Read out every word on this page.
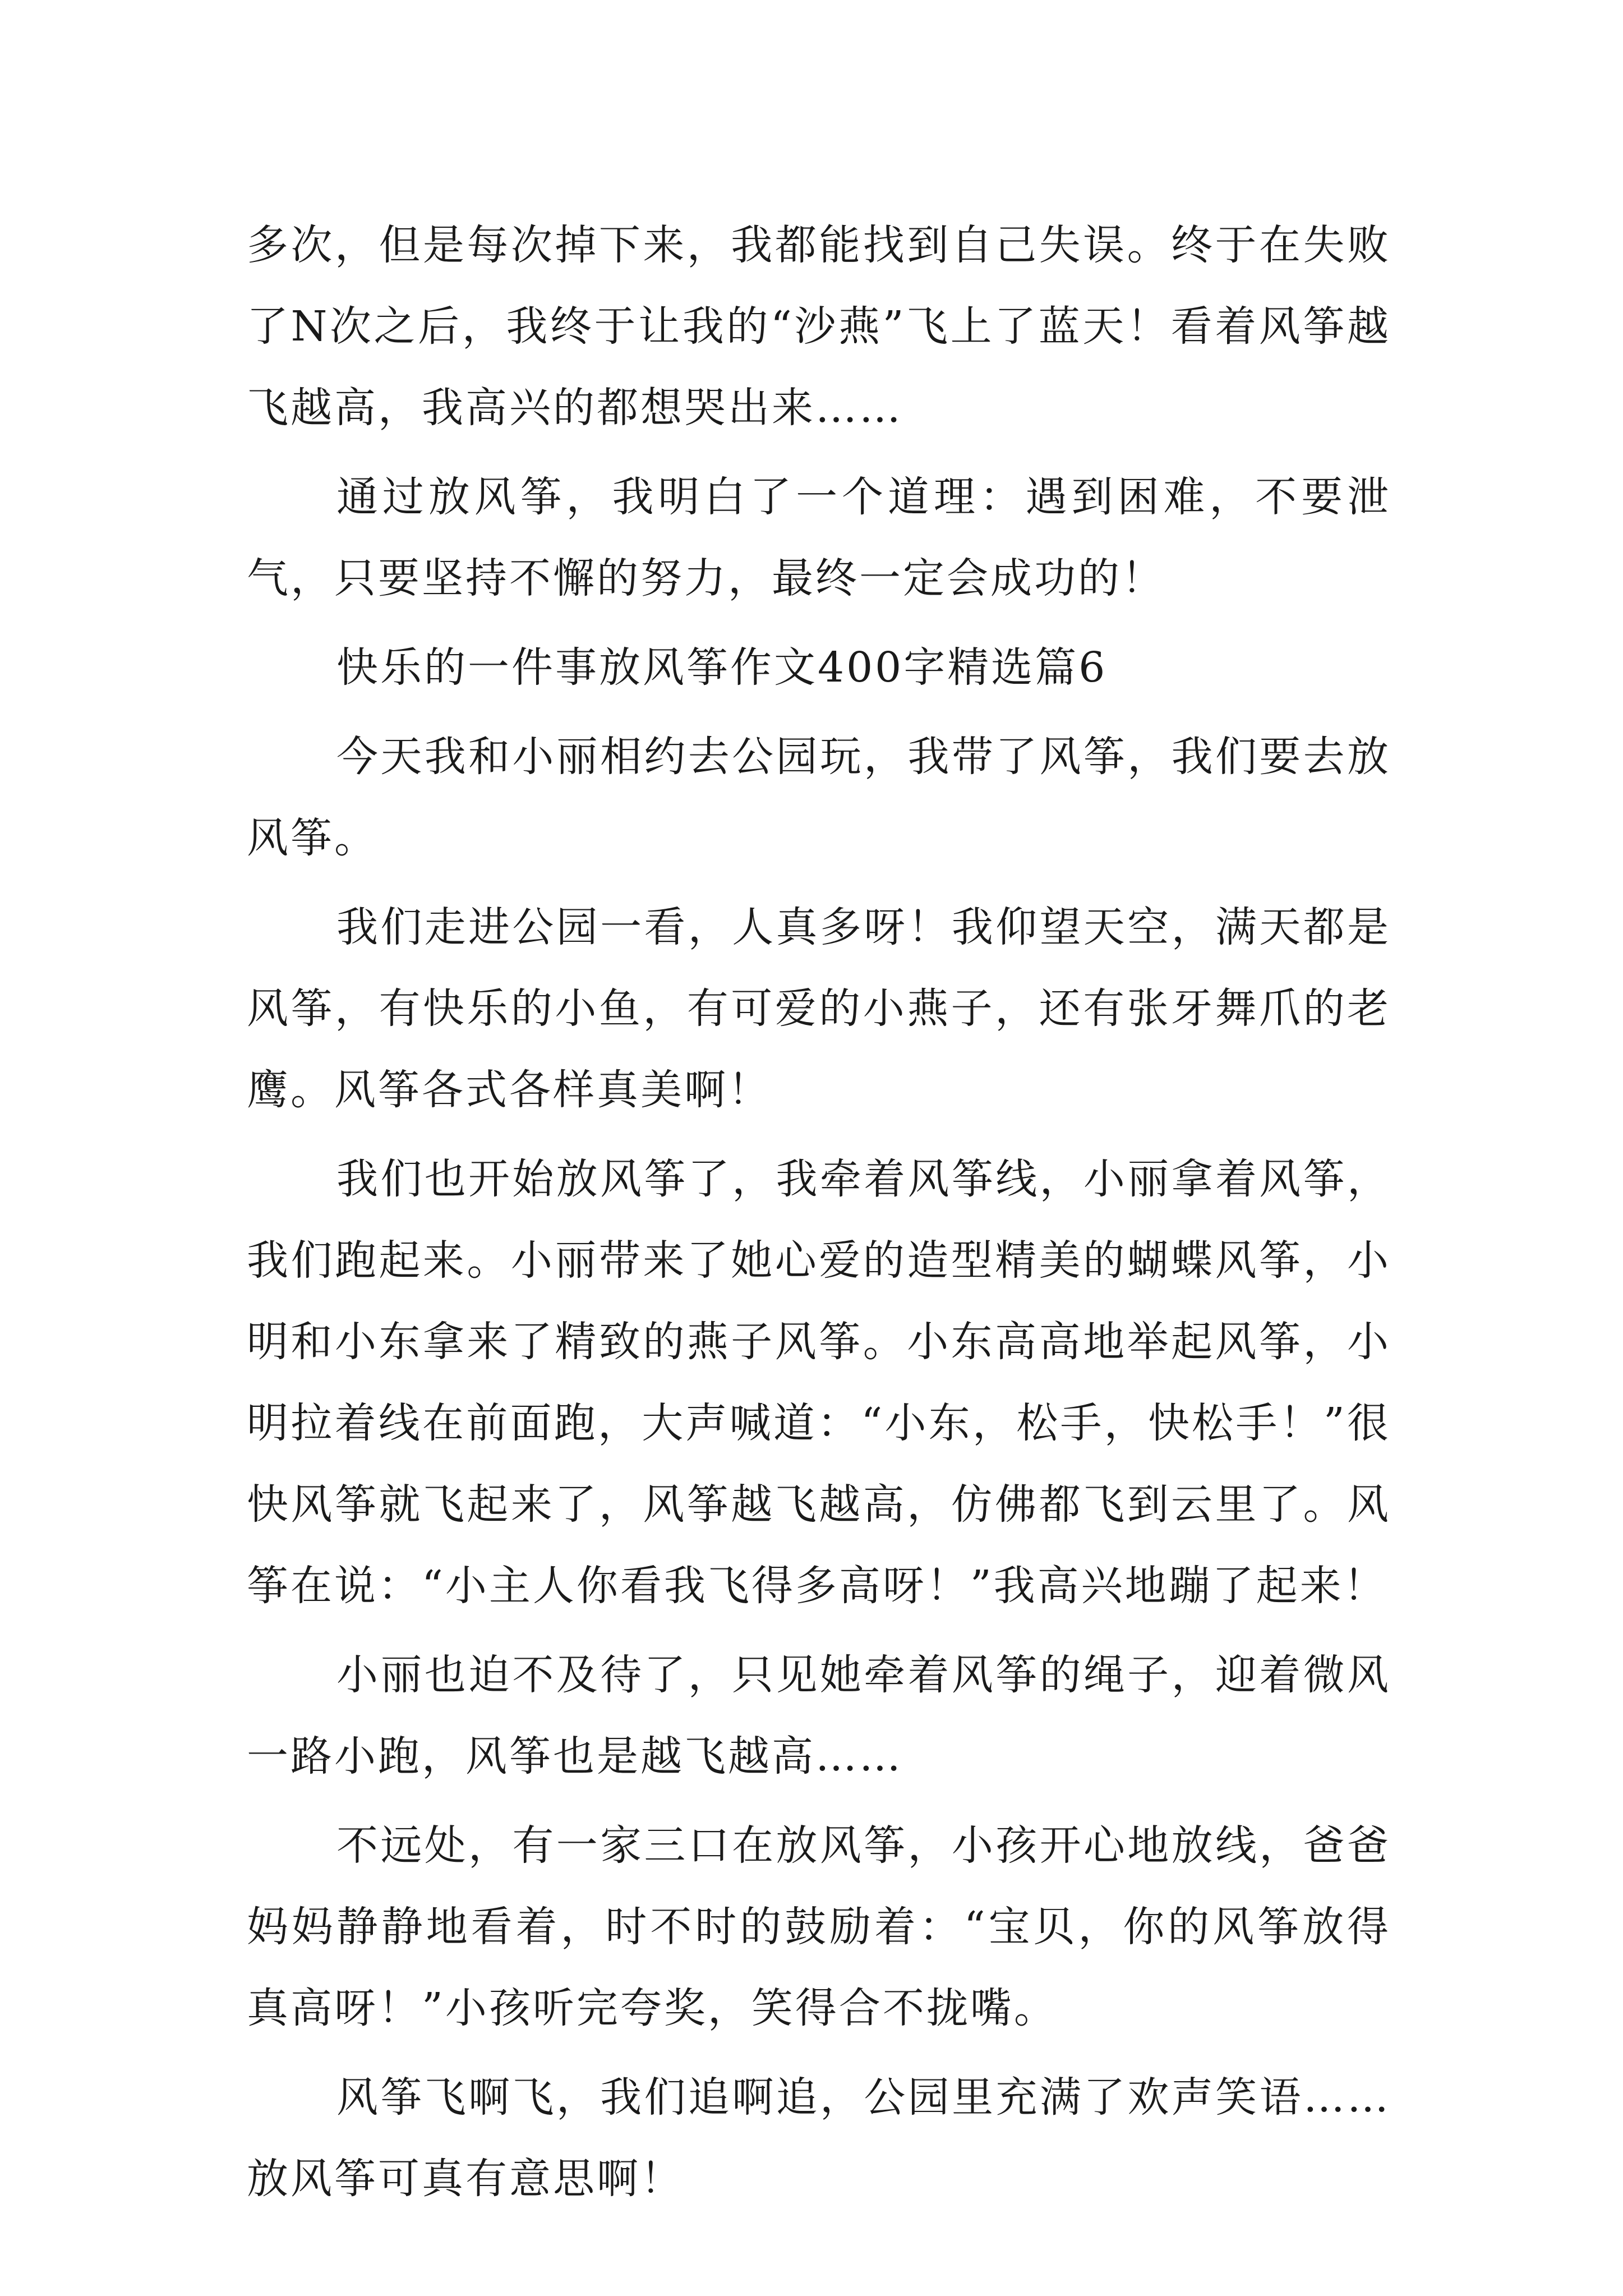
多次，但是每次掉下来，我都能找到自己失误。终于在失败了N次之后，我终于让我的“沙燕”飞上了蓝天！看着风筝越飞越高，我高兴的都想哭出来……

通过放风筝，我明白了一个道理：遇到困难，不要泄气，只要坚持不懈的努力，最终一定会成功的！

快乐的一件事放风筝作文400字精选篇6

今天我和小丽相约去公园玩，我带了风筝，我们要去放风筝。

我们走进公园一看，人真多呀！我仰望天空，满天都是风筝，有快乐的小鱼，有可爱的小燕子，还有张牙舞爪的老鹰。风筝各式各样真美啊！

我们也开始放风筝了，我牵着风筝线，小丽拿着风筝，我们跑起来。小丽带来了她心爱的造型精美的蝴蝶风筝，小明和小东拿来了精致的燕子风筝。小东高高地举起风筝，小明拉着线在前面跑，大声喊道：“小东，松手，快松手！”很快风筝就飞起来了，风筝越飞越高，仿佛都飞到云里了。风筝在说：“小主人你看我飞得多高呀！”我高兴地蹦了起来！

小丽也迫不及待了，只见她牵着风筝的绳子，迎着微风一路小跑，风筝也是越飞越高……

不远处，有一家三口在放风筝，小孩开心地放线，爸爸妈妈静静地看着，时不时的鼓励着：“宝贝，你的风筝放得真高呀！”小孩听完夸奖，笑得合不拢嘴。

风筝飞啊飞，我们追啊追，公园里充满了欢声笑语……放风筝可真有意思啊！
